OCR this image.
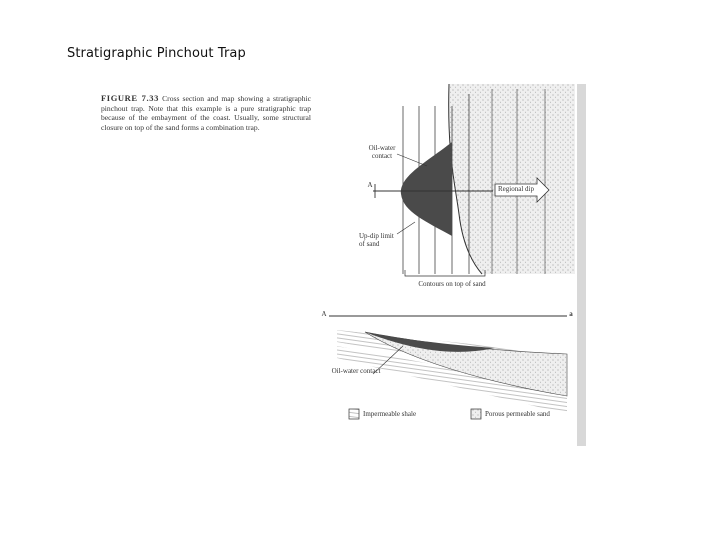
Stratigraphic Pinchout Trap
FIGURE 7.33 Cross section and map showing a stratigraphic pinchout trap. Note that this example is a pure stratigraphic trap because of the embayment of the coast. Usually, some structural closure on top of the sand forms a combination trap.
Oil-water contact
A	Regional dip
Up-dip limit of sand
Contours on top of sand
A	a
Oil-water contact
Impermeable shale	Porous permeable sand
